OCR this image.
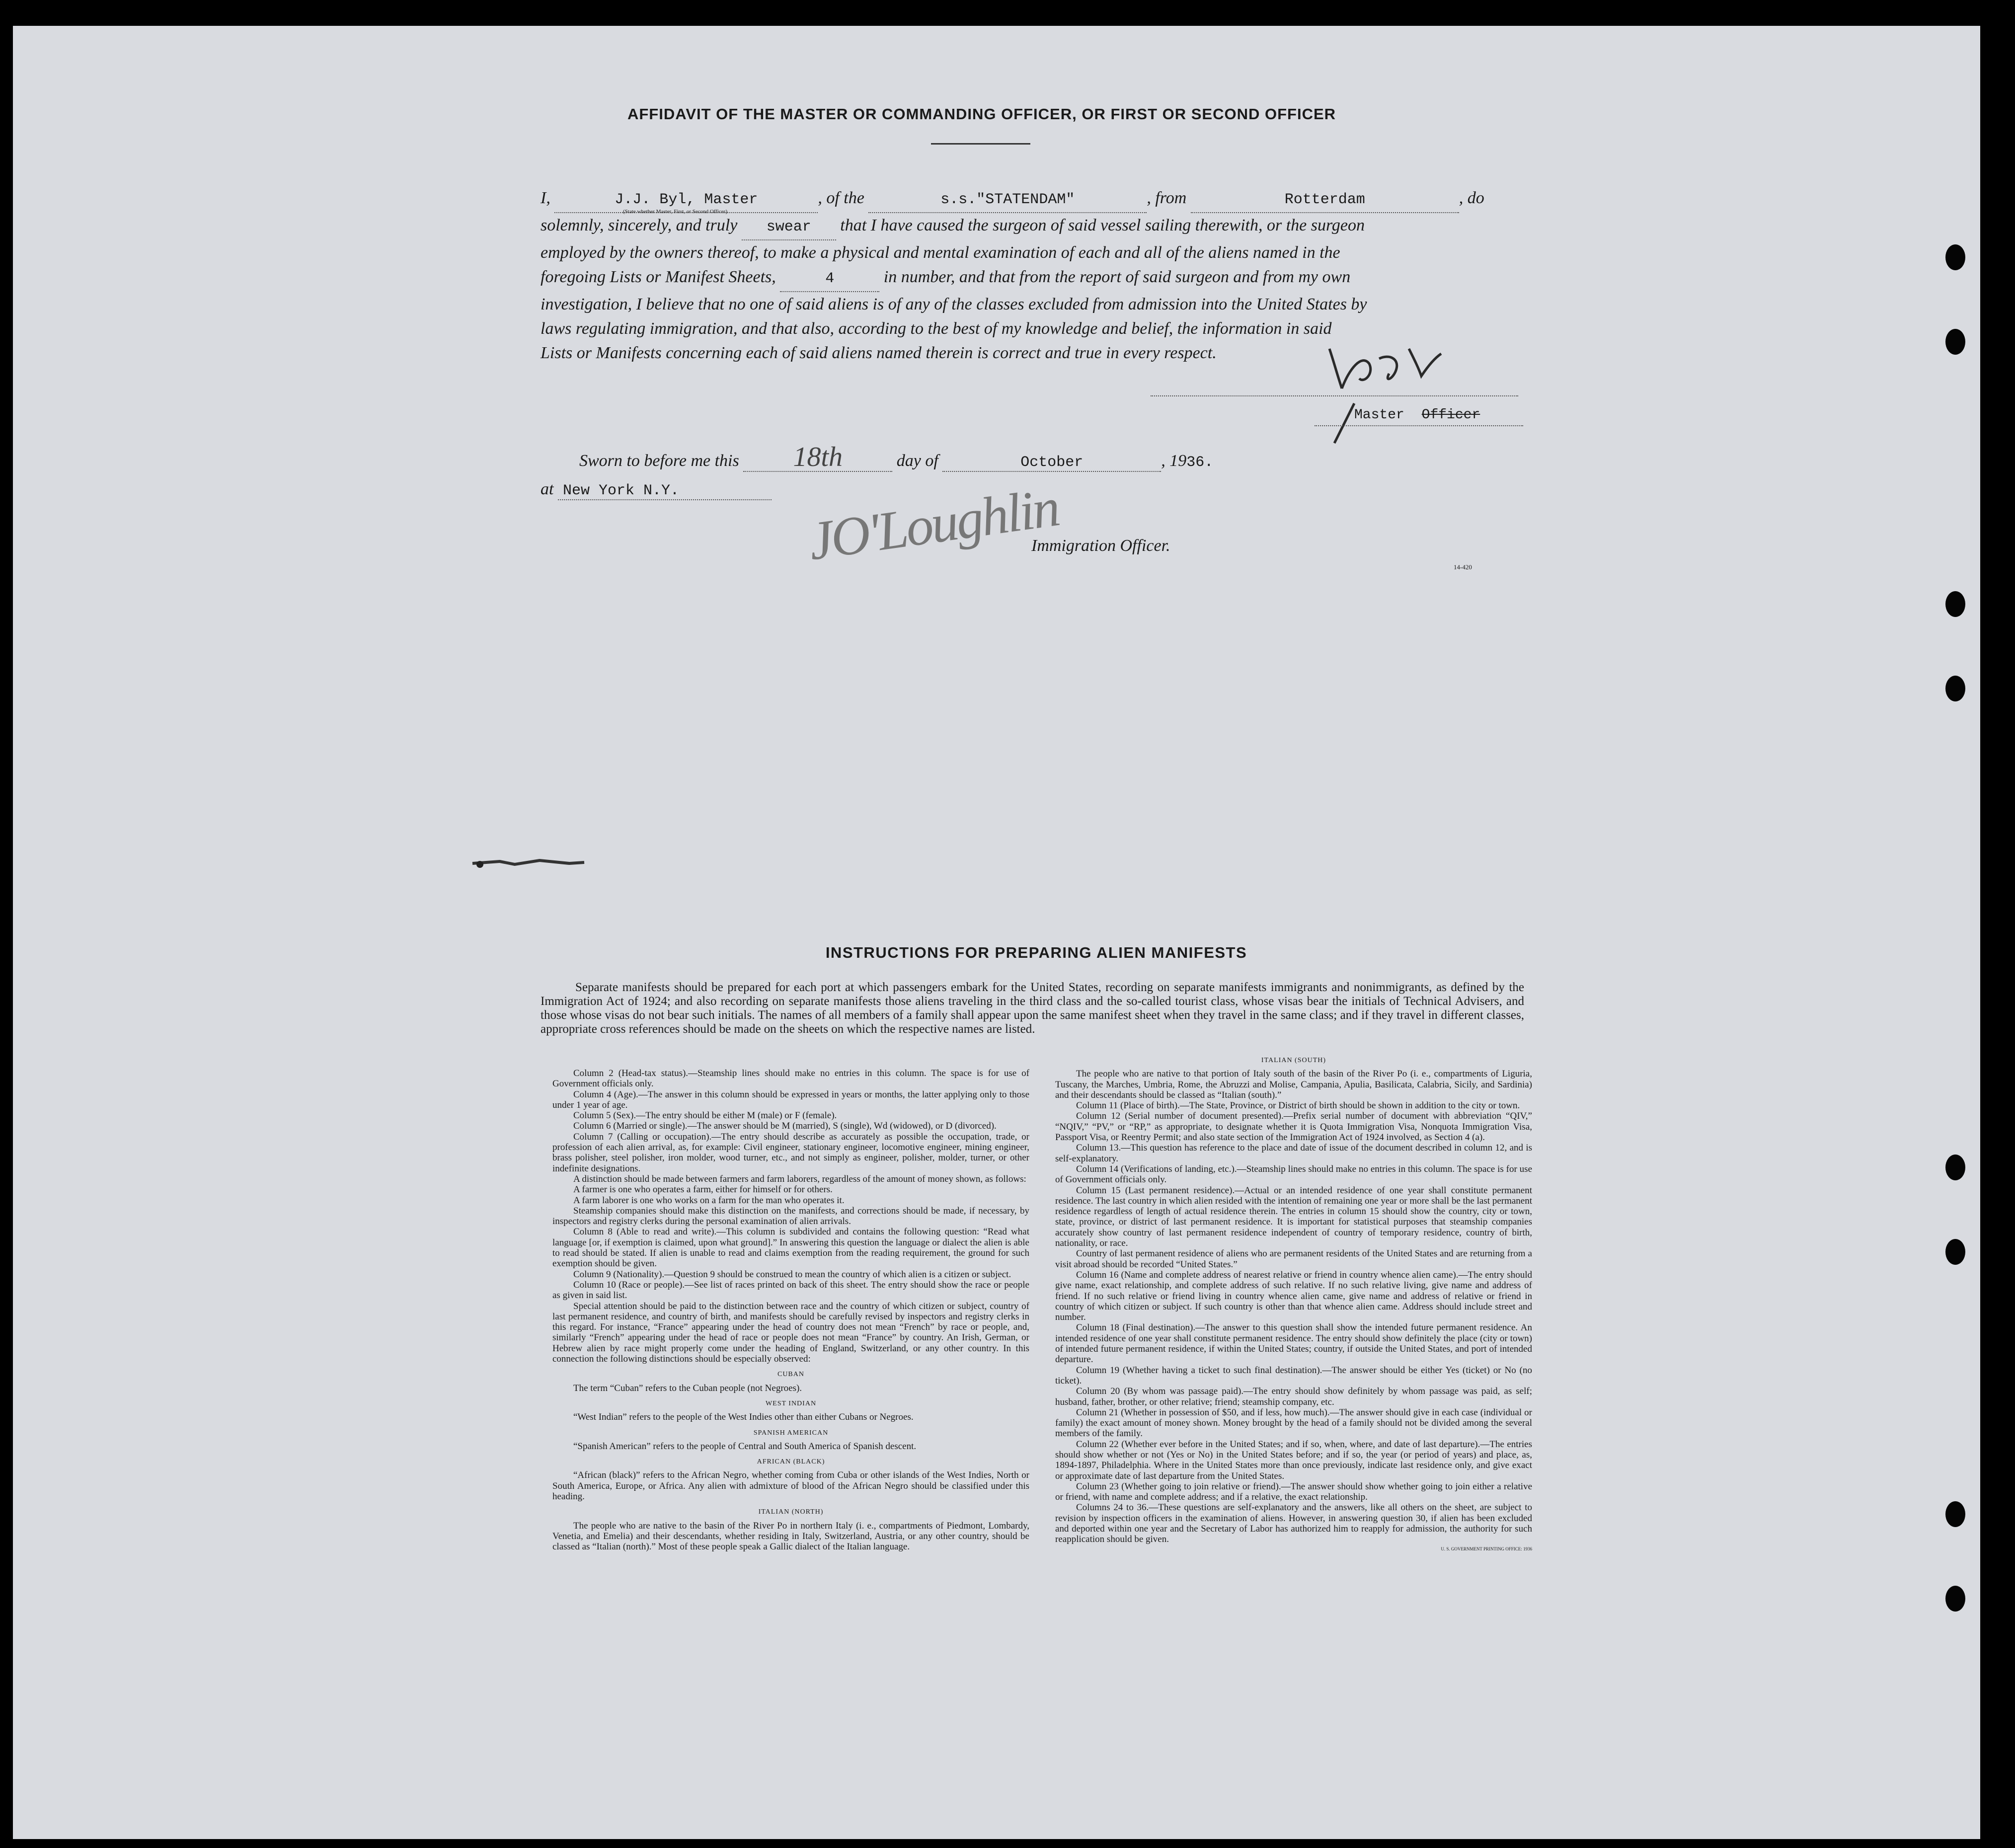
AFFIDAVIT OF THE MASTER OR COMMANDING OFFICER, OR FIRST OR SECOND OFFICER

I,	J.J. Byl, Master	, of the	s.s."STATENDAM"	, from	Rotterdam	, do

solemnly, sincerely, and truly swear that I have caused the surgeon of said vessel sailing therewith, or the surgeon

employed by the owners thereof, to make a physical and mental examination of each and all of the aliens named in the

foregoing Lists or Manifest Sheets,	4	in number, and that from the report of said surgeon and from my own

investigation, I believe that no one of said aliens is of any of the classes excluded from admission into the United States by

laws regulating immigration, and that also, according to the best of my knowledge and belief, the information in said

Lists or Manifests concerning each of said aliens named therein is correct and true in every respect.

(State whether Master, First, or Second Officer)
Master Officer
Sworn to before me this 18th	day of	October	, 1936.
at New York N.Y.	JO'Loughlin
Immigration Officer.
14-420
INSTRUCTIONS FOR PREPARING ALIEN MANIFESTS
Separate manifests should be prepared for each port at which passengers embark for the United States, recording on separate manifests immigrants and nonimmigrants, as defined by the Immigration Act of 1924; and also recording on separate manifests those aliens traveling in the third class and the so-called tourist class, whose visas bear the initials of Technical Advisers, and those whose visas do not bear such initials. The names of all members of a family shall appear upon the same manifest sheet when they travel in the same class; and if they travel in different classes, appropriate cross references should be made on the sheets on which the respective names are listed.

Column 2 (Head-tax status).—Steamship lines should make no entries in this column. The space is for use of Government officials only.

Column 4 (Age).—The answer in this column should be expressed in years or months, the latter applying only to those under 1 year of age.

Column 5 (Sex).—The entry should be either M (male) or F (female).

Column 6 (Married or single).—The answer should be M (married), S (single), Wd (widowed), or D (divorced).

Column 7 (Calling or occupation).—The entry should describe as accurately as possible the occupation, trade, or profession of each alien arrival, as, for example: Civil engineer, stationary engineer, locomotive engineer, mining engineer, brass polisher, steel polisher, iron molder, wood turner, etc., and not simply as engineer, polisher, molder, turner, or other indefinite designations.

A distinction should be made between farmers and farm laborers, regardless of the amount of money shown, as follows:

A farmer is one who operates a farm, either for himself or for others.

A farm laborer is one who works on a farm for the man who operates it.

Steamship companies should make this distinction on the manifests, and corrections should be made, if necessary, by inspectors and registry clerks during the personal examination of alien arrivals.

Column 8 (Able to read and write).—This column is subdivided and contains the following question: “Read what language [or, if exemption is claimed, upon what ground].” In answering this question the language or dialect the alien is able to read should be stated. If alien is unable to read and claims exemption from the reading requirement, the ground for such exemption should be given.

Column 9 (Nationality).—Question 9 should be construed to mean the country of which alien is a citizen or subject.

Column 10 (Race or people).—See list of races printed on back of this sheet. The entry should show the race or people as given in said list.

Special attention should be paid to the distinction between race and the country of which citizen or subject, country of last permanent residence, and country of birth, and manifests should be carefully revised by inspectors and registry clerks in this regard. For instance, “France” appearing under the head of country does not mean “French” by race or people, and, similarly “French” appearing under the head of race or people does not mean “France” by country. An Irish, German, or Hebrew alien by race might properly come under the heading of England, Switzerland, or any other country. In this connection the following distinctions should be especially observed:

CUBAN

The term “Cuban” refers to the Cuban people (not Negroes).

WEST INDIAN

“West Indian” refers to the people of the West Indies other than either Cubans or Negroes.

SPANISH AMERICAN

“Spanish American” refers to the people of Central and South America of Spanish descent.

AFRICAN (BLACK)

“African (black)” refers to the African Negro, whether coming from Cuba or other islands of the West Indies, North or South America, Europe, or Africa. Any alien with admixture of blood of the African Negro should be classified under this heading.

ITALIAN (NORTH)

The people who are native to the basin of the River Po in northern Italy (i. e., compartments of Piedmont, Lombardy, Venetia, and Emelia) and their descendants, whether residing in Italy, Switzerland, Austria, or any other country, should be classed as “Italian (north).” Most of these people speak a Gallic dialect of the Italian language.

ITALIAN (SOUTH)

The people who are native to that portion of Italy south of the basin of the River Po (i. e., compartments of Liguria, Tuscany, the Marches, Umbria, Rome, the Abruzzi and Molise, Campania, Apulia, Basilicata, Calabria, Sicily, and Sardinia) and their descendants should be classed as “Italian (south).”

Column 11 (Place of birth).—The State, Province, or District of birth should be shown in addition to the city or town.

Column 12 (Serial number of document presented).—Prefix serial number of document with abbreviation “QIV,” “NQIV,” “PV,” or “RP,” as appropriate, to designate whether it is Quota Immigration Visa, Nonquota Immigration Visa, Passport Visa, or Reentry Permit; and also state section of the Immigration Act of 1924 involved, as Section 4 (a).

Column 13.—This question has reference to the place and date of issue of the document described in column 12, and is self-explanatory.

Column 14 (Verifications of landing, etc.).—Steamship lines should make no entries in this column. The space is for use of Government officials only.

Column 15 (Last permanent residence).—Actual or an intended residence of one year shall constitute permanent residence. The last country in which alien resided with the intention of remaining one year or more shall be the last permanent residence regardless of length of actual residence therein. The entries in column 15 should show the country, city or town, state, province, or district of last permanent residence. It is important for statistical purposes that steamship companies accurately show country of last permanent residence independent of country of temporary residence, country of birth, nationality, or race.

Country of last permanent residence of aliens who are permanent residents of the United States and are returning from a visit abroad should be recorded “United States.”

Column 16 (Name and complete address of nearest relative or friend in country whence alien came).—The entry should give name, exact relationship, and complete address of such relative. If no such relative living, give name and address of friend. If no such relative or friend living in country whence alien came, give name and address of relative or friend in country of which citizen or subject. If such country is other than that whence alien came. Address should include street and number.

Column 18 (Final destination).—The answer to this question shall show the intended future permanent residence. An intended residence of one year shall constitute permanent residence. The entry should show definitely the place (city or town) of intended future permanent residence, if within the United States; country, if outside the United States, and port of intended departure.

Column 19 (Whether having a ticket to such final destination).—The answer should be either Yes (ticket) or No (no ticket).

Column 20 (By whom was passage paid).—The entry should show definitely by whom passage was paid, as self; husband, father, brother, or other relative; friend; steamship company, etc.

Column 21 (Whether in possession of $50, and if less, how much).—The answer should give in each case (individual or family) the exact amount of money shown. Money brought by the head of a family should not be divided among the several members of the family.

Column 22 (Whether ever before in the United States; and if so, when, where, and date of last departure).—The entries should show whether or not (Yes or No) in the United States before; and if so, the year (or period of years) and place, as, 1894-1897, Philadelphia. Where in the United States more than once previously, indicate last residence only, and give exact or approximate date of last departure from the United States.

Column 23 (Whether going to join relative or friend).—The answer should show whether going to join either a relative or friend, with name and complete address; and if a relative, the exact relationship.

Columns 24 to 36.—These questions are self-explanatory and the answers, like all others on the sheet, are subject to revision by inspection officers in the examination of aliens. However, in answering question 30, if alien has been excluded and deported within one year and the Secretary of Labor has authorized him to reapply for admission, the authority for such reapplication should be given.

U. S. GOVERNMENT PRINTING OFFICE: 1936
